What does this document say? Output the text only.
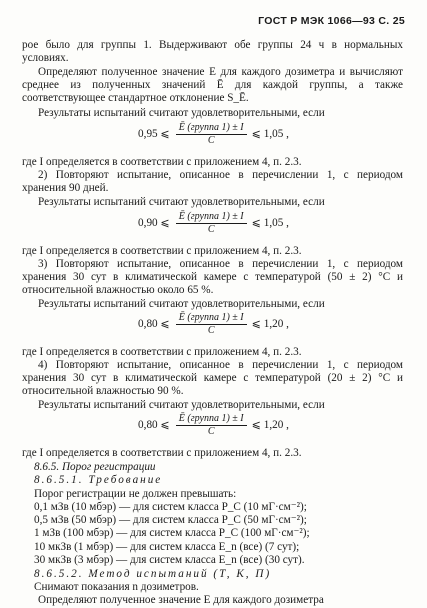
ГОСТ Р МЭК 1066—93 С. 25
рое было для группы 1. Выдерживают обе группы 24 ч в нормальных условиях.
Определяют полученное значение E для каждого дозиметра и вычисляют среднее из полученных значений Ē для каждой группы, а также соответствующее стандартное отклонение S_Ē.
Результаты испытаний считают удовлетворительными, если
0,95 ⩽ $\frac{\text{Ē (группа 1) ± I}}{C}$ ⩽ 1,05 ,
где I определяется в соответствии с приложением 4, п. 2.3.
2) Повторяют испытание, описанное в перечислении 1, с периодом хранения 90 дней.
Результаты испытаний считают удовлетворительными, если
0,90 ⩽ $\frac{\text{Ē (группа 1) ± I}}{C}$ ⩽ 1,05 ,
где I определяется в соответствии с приложением 4, п. 2.3.
3) Повторяют испытание, описанное в перечислении 1, с периодом хранения 30 сут в климатической камере с температурой (50 ± 2) °С и относительной влажностью около 65 %.
Результаты испытаний считают удовлетворительными, если
0,80 ⩽ $\frac{\text{Ē (группа 1) ± I}}{C}$ ⩽ 1,20 ,
где I определяется в соответствии с приложением 4, п. 2.3.
4) Повторяют испытание, описанное в перечислении 1, с периодом хранения 30 сут в климатической камере с температурой (20 ± 2) °С и относительной влажностью 90 %.
Результаты испытаний считают удовлетворительными, если
0,80 ⩽ $\frac{\text{Ē (группа 1) ± I}}{C}$ ⩽ 1,20 ,
где I определяется в соответствии с приложением 4, п. 2.3.
8.6.5. Порог регистрации
8.6.5.1. Требование
Порог регистрации не должен превышать:
0,1 мЗв (10 мбэр) — для систем класса P_C (10 мГ·см⁻²);
0,5 мЗв (50 мбэр) — для систем класса P_C (50 мГ·см⁻²);
1 мЗв (100 мбэр) — для систем класса P_C (100 мГ·см⁻²);
10 мкЗв (1 мбэр) — для систем класса E_n (все) (7 сут);
30 мкЗв (3 мбэр) — для систем класса E_n (все) (30 сут).
8.6.5.2. Метод испытаний (Т, К, П)
Снимают показания n дозиметров.
Определяют полученное значение E для каждого дозиметра
